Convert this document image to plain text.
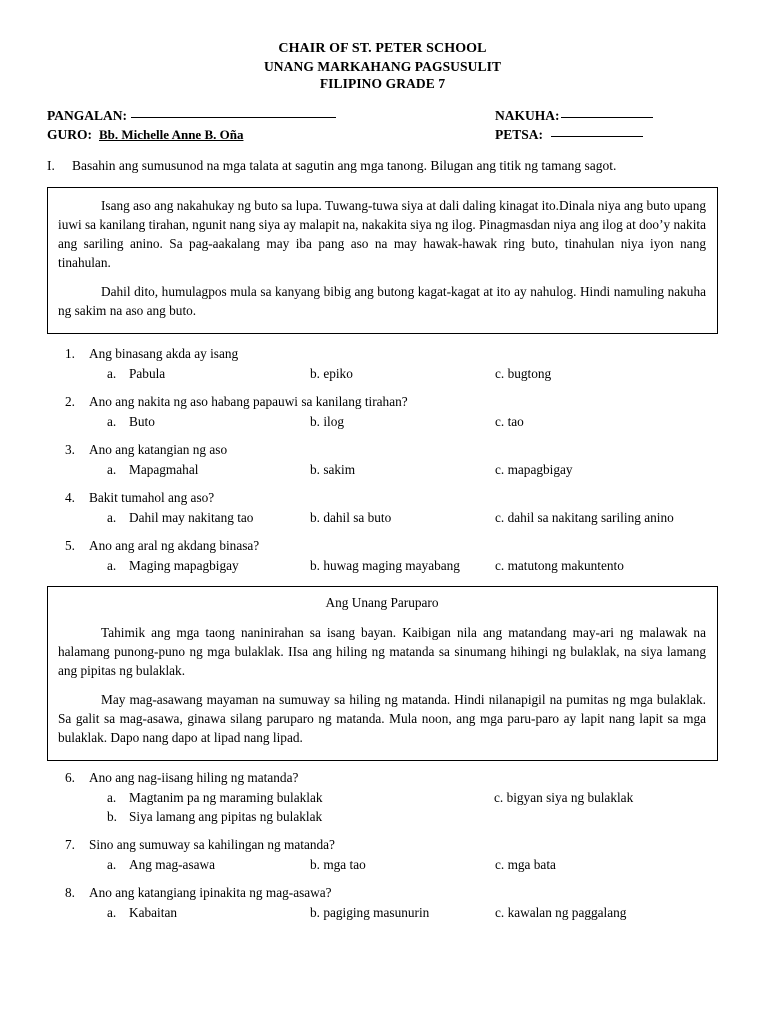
CHAIR OF ST. PETER SCHOOL
UNANG MARKAHANG PAGSUSULIT
FILIPINO GRADE 7
PANGALAN:
GURO: Bb. Michelle Anne B. Oña
NAKUHA:
PETSA:
I.	Basahin ang sumusunod na mga talata at sagutin ang mga tanong. Bilugan ang titik ng tamang sagot.

Isang aso ang nakahukay ng buto sa lupa. Tuwang-tuwa siya at dali daling kinagat ito.Dinala niya ang buto upang iuwi sa kanilang tirahan, ngunit nang siya ay malapit na, nakakita siya ng ilog. Pinagmasdan niya ang ilog at doo’y nakita ang sariling anino. Sa pag-aakalang may iba pang aso na may hawak-hawak ring buto, tinahulan niya iyon nang tinahulan.

Dahil dito, humulagpos mula sa kanyang bibig ang butong kagat-kagat at ito ay nahulog. Hindi namuling nakuha ng sakim na aso ang buto.

1.	Ang binasang akda ay isang
a. Pabula	b. epiko	c. bugtong
2.	Ano ang nakita ng aso habang papauwi sa kanilang tirahan?
a. Buto	b. ilog	c. tao
3.	Ano ang katangian ng aso
a. Mapagmahal	b. sakim	c. mapagbigay
4.	Bakit tumahol ang aso?
a. Dahil may nakitang tao	b. dahil sa buto	c. dahil sa nakitang sariling anino
5.	Ano ang aral ng akdang binasa?
a. Maging mapagbigay	b. huwag maging mayabang	c. matutong makuntento
Ang Unang Paruparo

Tahimik ang mga taong naninirahan sa isang bayan. Kaibigan nila ang matandang may-ari ng malawak na halamang punong-puno ng mga bulaklak. IIsa ang hiling ng matanda sa sinumang hihingi ng bulaklak, na siya lamang ang pipitas ng bulaklak.

May mag-asawang mayaman na sumuway sa hiling ng matanda. Hindi nilanapigil na pumitas ng mga bulaklak. Sa galit sa mag-asawa, ginawa silang paruparo ng matanda. Mula noon, ang mga paru-paro ay lapit nang lapit sa mga bulaklak. Dapo nang dapo at lipad nang lipad.

6.	Ano ang nag-iisang hiling ng matanda?
a. Magtanim pa ng maraming bulaklak
b. Siya lamang ang pipitas ng bulaklak
c. bigyan siya ng bulaklak
7.	Sino ang sumuway sa kahilingan ng matanda?
a. Ang mag-asawa	b. mga tao	c. mga bata
8.	Ano ang katangiang ipinakita ng mag-asawa?
a. Kabaitan	b. pagiging masunurin	c. kawalan ng paggalang
